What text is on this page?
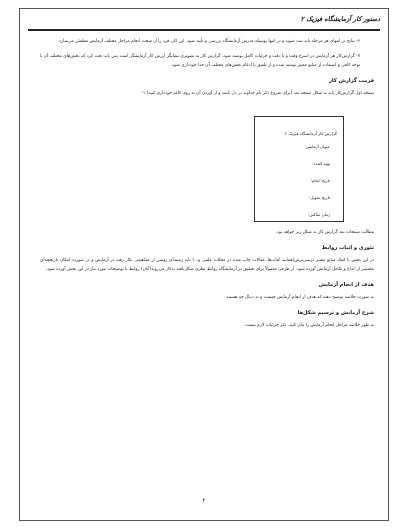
دستور کار آزمایشگاه فیزیک ۲

۶- نتایج در انتهای هر مرحله باید ثبت شوند و در انتها بوسیله مدرس آزمایشگاه بررسی و تأیید شود. این کار، فرد را از صحت انجام مراحل مختلف آزمایش مطمئن می‌سازد.

۷- گزارش‌کار هر آزمایش در اسرع وقت و با دقت و جزئیات کامل نوشته شود. گزارش کار به تصویری نشانگر ارزش کار آزمایشگر است پس باید دقت کرد که بخش‌های مختلف آن با توجه کافی و استفاده از منابع معتبر نوشته شده و از تلفیق یا ادغام بخش‌های مختلف آن جدا خودداری شود.

فرمت گزارش کار

صفحه اول گزارش‌کار باید به شکل صفحه بعد (برای شروع ذکر نام خداوند در دل باشد و از آوردن آن به روی کاغذ خودداری کنید) ۱-

گزارش کار آزمایشگاه فیزیک ۲
عنوان آزمایش:
تهیه کننده:
تاریخ انجام:
تاریخ تحویل:
زمان ساکتن:

مطالب صفحات بعد گزارش کار به شکل زیر خواهد بود.

تئوری و اثبات روابط

در این بخش با کمک منابع معتبر درسی‌ترس(همانند کتاب‌ها، مقالات چاپ شده در مجلات علمی و...) باید زمینه‌ای روشن از مفاهیمی بکار رفته در آزمایش و در صورت امکان تاریخچه‌ای مختصر از ابداع و تکامل آزمایش آورده شود. از طرفی معمولاً برای تحقیق در آزمایشگاه روابط نظری شکل‌یافته به‌کار می‌روند(آنان) روابط با توضیحات مورد نیاز در این بخش آورده شود.

هدف از انجام آزمایش

به صورت خلاصه توضیح دهید که هدف از انجام آزمایش چیست و به دنبال چه هستید.

شرح آزمایش و ترسیم شکل‌ها

به طور خلاصه مراحل انجام آزمایش را بیان کنید. ذکر جزئیات لازم نیست.

۴
